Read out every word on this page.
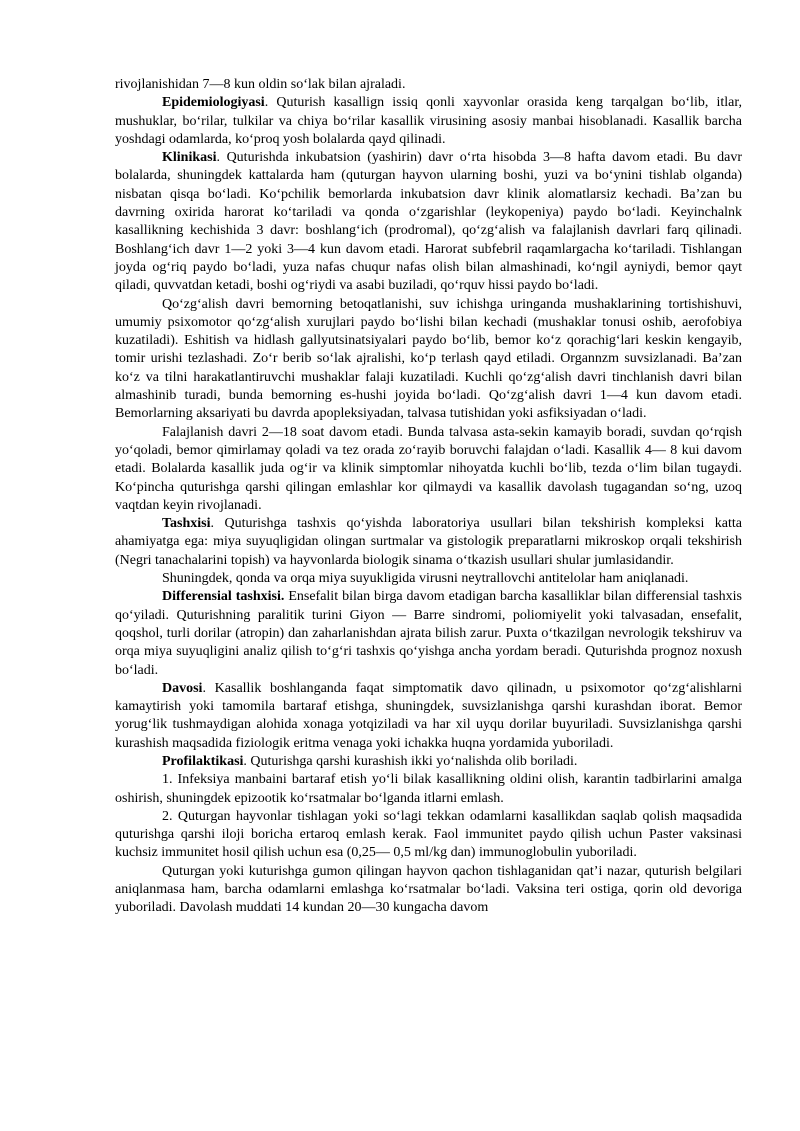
rivojlanishidan 7—8 kun oldin so‘lak bilan ajraladi.

Epidemiologiyasi. Quturish kasallign issiq qonli xayvonlar orasida keng tarqalgan bo‘lib, itlar, mushuklar, bo‘rilar, tulkilar va chiya bo‘rilar kasallik virusining asosiy manbai hisoblanadi. Kasallik barcha yoshdagi odamlarda, ko‘proq yosh bolalarda qayd qilinadi.

Klinikasi. Quturishda inkubatsion (yashirin) davr o‘rta hisobda 3—8 hafta davom etadi. Bu davr bolalarda, shuningdek kattalarda ham (quturgan hayvon ularning boshi, yuzi va bo‘ynini tishlab olganda) nisbatan qisqa bo‘ladi. Ko‘pchilik bemorlarda inkubatsion davr klinik alomatlarsiz kechadi. Ba’zan bu davrning oxirida harorat ko‘tariladi va qonda o‘zgarishlar (leykopeniya) paydo bo‘ladi. Keyinchalnk kasallikning kechishida 3 davr: boshlang‘ich (prodromal), qo‘zg‘alish va falajlanish davrlari farq qilinadi. Boshlang‘ich davr 1—2 yoki 3—4 kun davom etadi. Harorat subfebril raqamlargacha ko‘tariladi. Tishlangan joyda og‘riq paydo bo‘ladi, yuza nafas chuqur nafas olish bilan almashinadi, ko‘ngil ayniydi, bemor qayt qiladi, quvvatdan ketadi, boshi og‘riydi va asabi buziladi, qo‘rquv hissi paydo bo‘ladi.

Qo‘zg‘alish davri bemorning betoqatlanishi, suv ichishga uringanda mushaklarining tortishishuvi, umumiy psixomotor qo‘zg‘alish xurujlari paydo bo‘lishi bilan kechadi (mushaklar tonusi oshib, aerofobiya kuzatiladi). Eshitish va hidlash gallyutsinatsiyalari paydo bo‘lib, bemor ko‘z qorachig‘lari keskin kengayib, tomir urishi tezlashadi. Zo‘r berib so‘lak ajralishi, ko‘p terlash qayd etiladi. Organnzm suvsizlanadi. Ba’zan ko‘z va tilni harakatlantiruvchi mushaklar falaji kuzatiladi. Kuchli qo‘zg‘alish davri tinchlanish davri bilan almashinib turadi, bunda bemorning es-hushi joyida bo‘ladi. Qo‘zg‘alish davri 1—4 kun davom etadi. Bemorlarning aksariyati bu davrda apopleksiyadan, talvasa tutishidan yoki asfiksiyadan o‘ladi.

Falajlanish davri 2—18 soat davom etadi. Bunda talvasa asta-sekin kamayib boradi, suvdan qo‘rqish yo‘qoladi, bemor qimirlamay qoladi va tez orada zo‘rayib boruvchi falajdan o‘ladi. Kasallik 4— 8 kui davom etadi. Bolalarda kasallik juda og‘ir va klinik simptomlar nihoyatda kuchli bo‘lib, tezda o‘lim bilan tugaydi. Ko‘pincha quturishga qarshi qilingan emlashlar kor qilmaydi va kasallik davolash tugagandan so‘ng, uzoq vaqtdan keyin rivojlanadi.

Tashxisi. Quturishga tashxis qo‘yishda laboratoriya usullari bilan tekshirish kompleksi katta ahamiyatga ega: miya suyuqligidan olingan surtmalar va gistologik preparatlarni mikroskop orqali tekshirish (Negri tanachalarini topish) va hayvonlarda biologik sinama o‘tkazish usullari shular jumlasidandir.

Shuningdek, qonda va orqa miya suyukligida virusni neytrallovchi antitelolar ham aniqlanadi.

Differensial tashxisi. Ensefalit bilan birga davom etadigan barcha kasalliklar bilan differensial tashxis qo‘yiladi. Quturishning paralitik turini Giyon — Barre sindromi, poliomiyelit yoki talvasadan, ensefalit, qoqshol, turli dorilar (atropin) dan zaharlanishdan ajrata bilish zarur. Puxta o‘tkazilgan nevrologik tekshiruv va orqa miya suyuqligini analiz qilish to‘g‘ri tashxis qo‘yishga ancha yordam beradi. Quturishda prognoz noxush bo‘ladi.

Davosi. Kasallik boshlanganda faqat simptomatik davo qilinadn, u psixomotor qo‘zg‘alishlarni kamaytirish yoki tamomila bartaraf etishga, shuningdek, suvsizlanishga qarshi kurashdan iborat. Bemor yorug‘lik tushmaydigan alohida xonaga yotqiziladi va har xil uyqu dorilar buyuriladi. Suvsizlanishga qarshi kurashish maqsadida fiziologik eritma venaga yoki ichakka huqna yordamida yuboriladi.

Profilaktikasi. Quturishga qarshi kurashish ikki yo‘nalishda olib boriladi.

1. Infeksiya manbaini bartaraf etish yo‘li bilak kasallikning oldini olish, karantin tadbirlarini amalga oshirish, shuningdek epizootik ko‘rsatmalar bo‘lganda itlarni emlash.

2. Quturgan hayvonlar tishlagan yoki so‘lagi tekkan odamlarni kasallikdan saqlab qolish maqsadida quturishga qarshi iloji boricha ertaroq emlash kerak. Faol immunitet paydo qilish uchun Paster vaksinasi kuchsiz immunitet hosil qilish uchun esa (0,25— 0,5 ml/kg dan) immunoglobulin yuboriladi.

Quturgan yoki kuturishga gumon qilingan hayvon qachon tishlaganidan qat’i nazar, quturish belgilari aniqlanmasa ham, barcha odamlarni emlashga ko‘rsatmalar bo‘ladi. Vaksina teri ostiga, qorin old devoriga yuboriladi. Davolash muddati 14 kundan 20—30 kungacha davom
